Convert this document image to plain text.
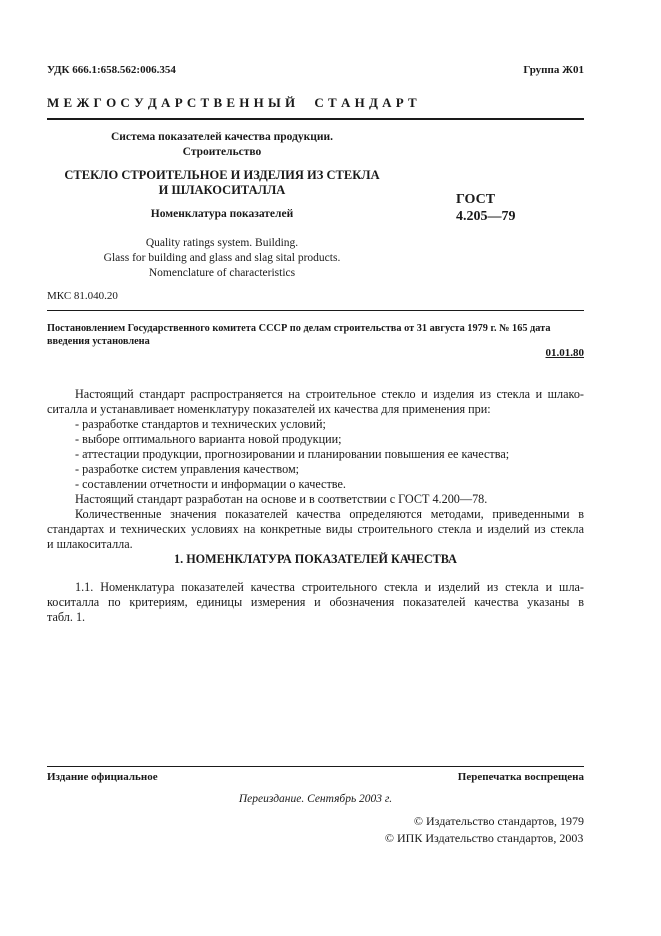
УДК 666.1:658.562:006.354	Группа Ж01
М Е Ж Г О С У Д А Р С Т В Е Н Н Ы Й     С Т А Н Д А Р Т
Система показателей качества продукции.
Строительство
СТЕКЛО СТРОИТЕЛЬНОЕ И ИЗДЕЛИЯ ИЗ СТЕКЛА
И ШЛАКОСИТАЛЛА
Номенклатура показателей
ГОСТ
4.205—79
Quality ratings system. Building.
Glass for building and glass and slag sital products.
Nomenclature of characteristics
МКС 81.040.20
Постановлением Государственного комитета СССР по делам строительства от 31 августа 1979 г. № 165 дата
введения установлена
01.01.80
Настоящий стандарт распространяется на строительное стекло и изделия из стекла и шлако-
ситалла и устанавливает номенклатуру показателей их качества для применения при:
- разработке стандартов и технических условий;
- выборе оптимального варианта новой продукции;
- аттестации продукции, прогнозировании и планировании повышения ее качества;
- разработке систем управления качеством;
- составлении отчетности и информации о качестве.
Настоящий стандарт разработан на основе и в соответствии с ГОСТ 4.200—78.
Количественные значения показателей качества определяются методами, приведенными в
стандартах и технических условиях на конкретные виды строительного стекла и изделий из стекла
и шлакоситалла.
1. НОМЕНКЛАТУРА ПОКАЗАТЕЛЕЙ КАЧЕСТВА
1.1. Номенклатура показателей качества строительного стекла и изделий из стекла и шла-
коситалла по критериям, единицы измерения и обозначения показателей качества указаны в
табл. 1.
Издание официальное	Перепечатка воспрещена
Переиздание. Сентябрь 2003 г.
© Издательство стандартов, 1979
© ИПК Издательство стандартов, 2003
